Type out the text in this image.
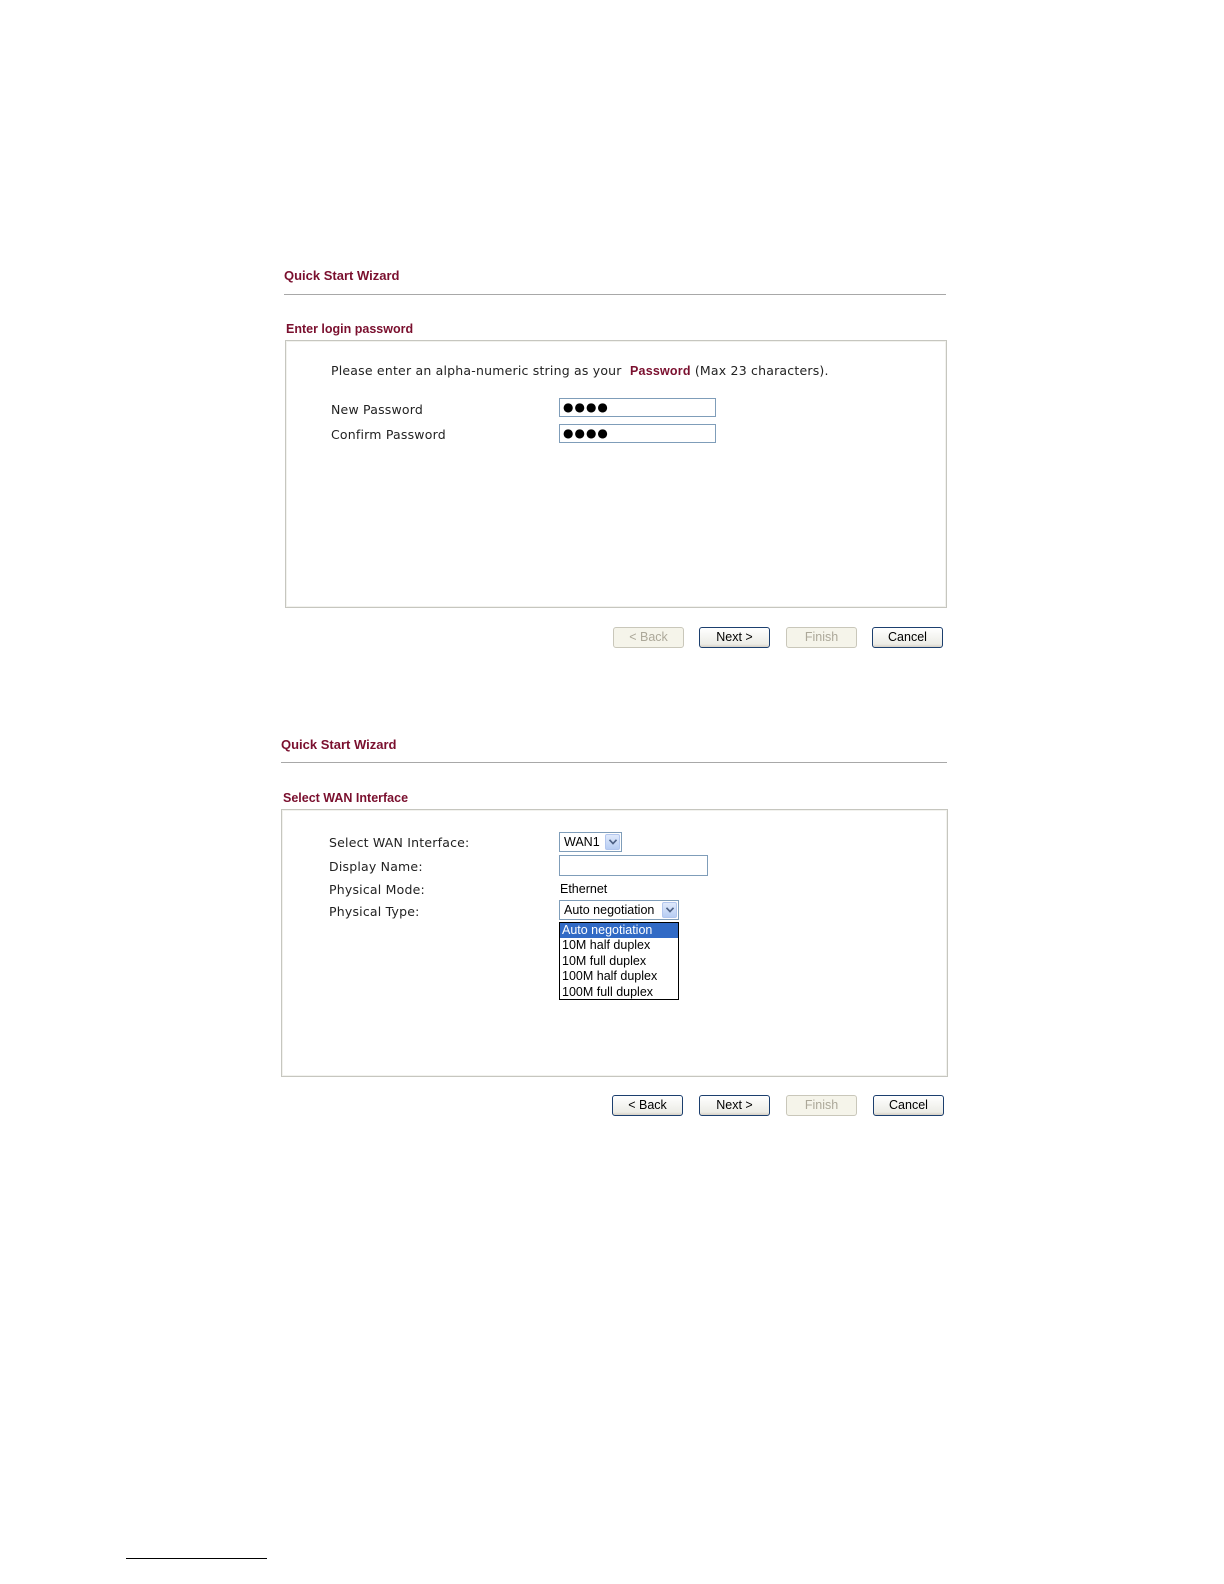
Quick Start Wizard
Enter login password
Please enter an alpha-numeric string as your Password (Max 23 characters).
New Password	●●●●
Confirm Password	●●●●
< Back	Next >	Finish	Cancel
Quick Start Wizard
Select WAN Interface
Select WAN Interface:	WAN1
Display Name:
Physical Mode:	Ethernet
Physical Type:	Auto negotiation
Auto negotiation
10M half duplex
10M full duplex
100M half duplex
100M full duplex
< Back	Next >	Finish	Cancel
